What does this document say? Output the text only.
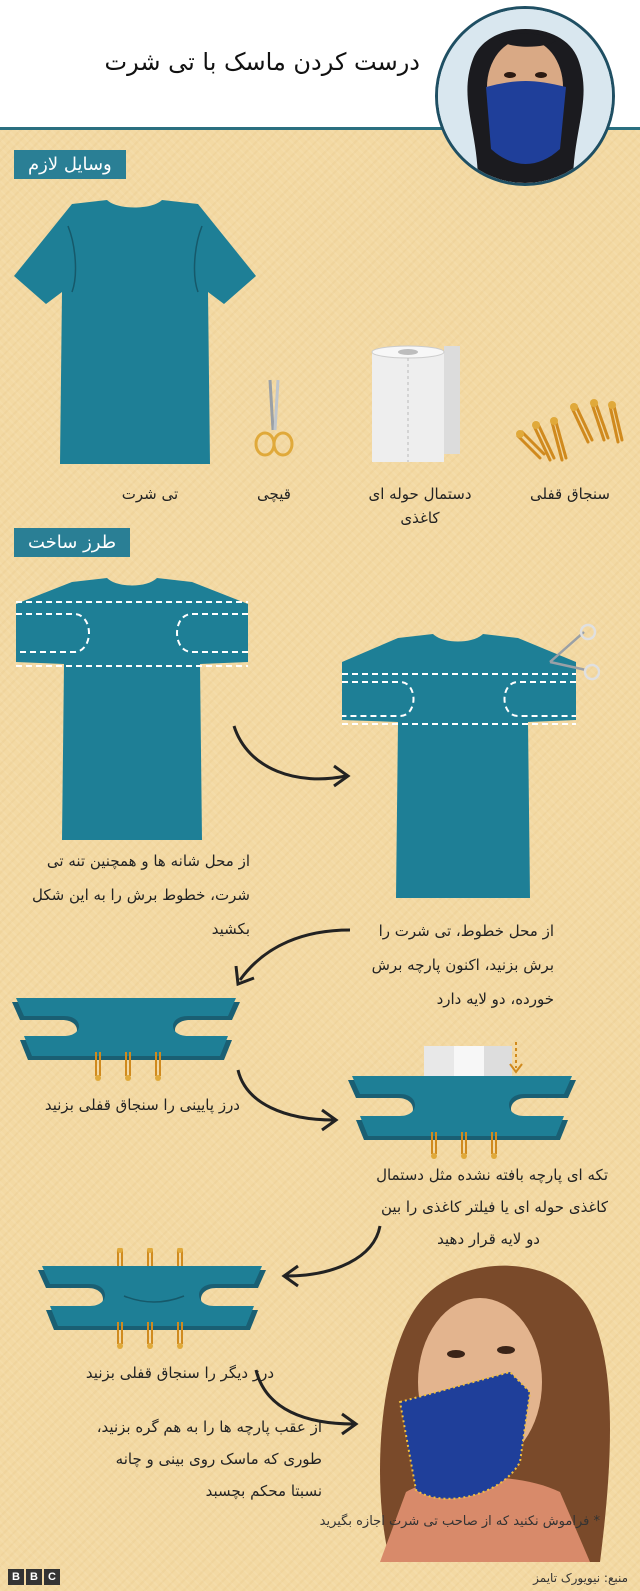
درست کردن ماسک با تی شرت
وسایل لازم
طرز ساخت
تی شرت	قیچی	دستمال حوله ای
کاغذی
سنجاق قفلی
از محل شانه ها و همچنین تنه تی
شرت، خطوط برش را به این شکل
بکشید	از محل خطوط، تی شرت را
برش بزنید، اکنون پارچه برش
خورده، دو لایه دارد
درز پایینی را سنجاق قفلی بزنید
تکه ای پارچه بافته نشده مثل دستمال
کاغذی حوله ای یا فیلتر کاغذی را بین
دو لایه قرار دهید
درز دیگر را سنجاق قفلی بزنید
از عقب پارچه ها را به هم گره بزنید،
طوری که ماسک روی بینی و چانه
نسبتا محکم بچسبد
* فراموش نکنید که از صاحب تی شرت اجازه بگیرید
B B C	منبع: نیویورک تایمز
